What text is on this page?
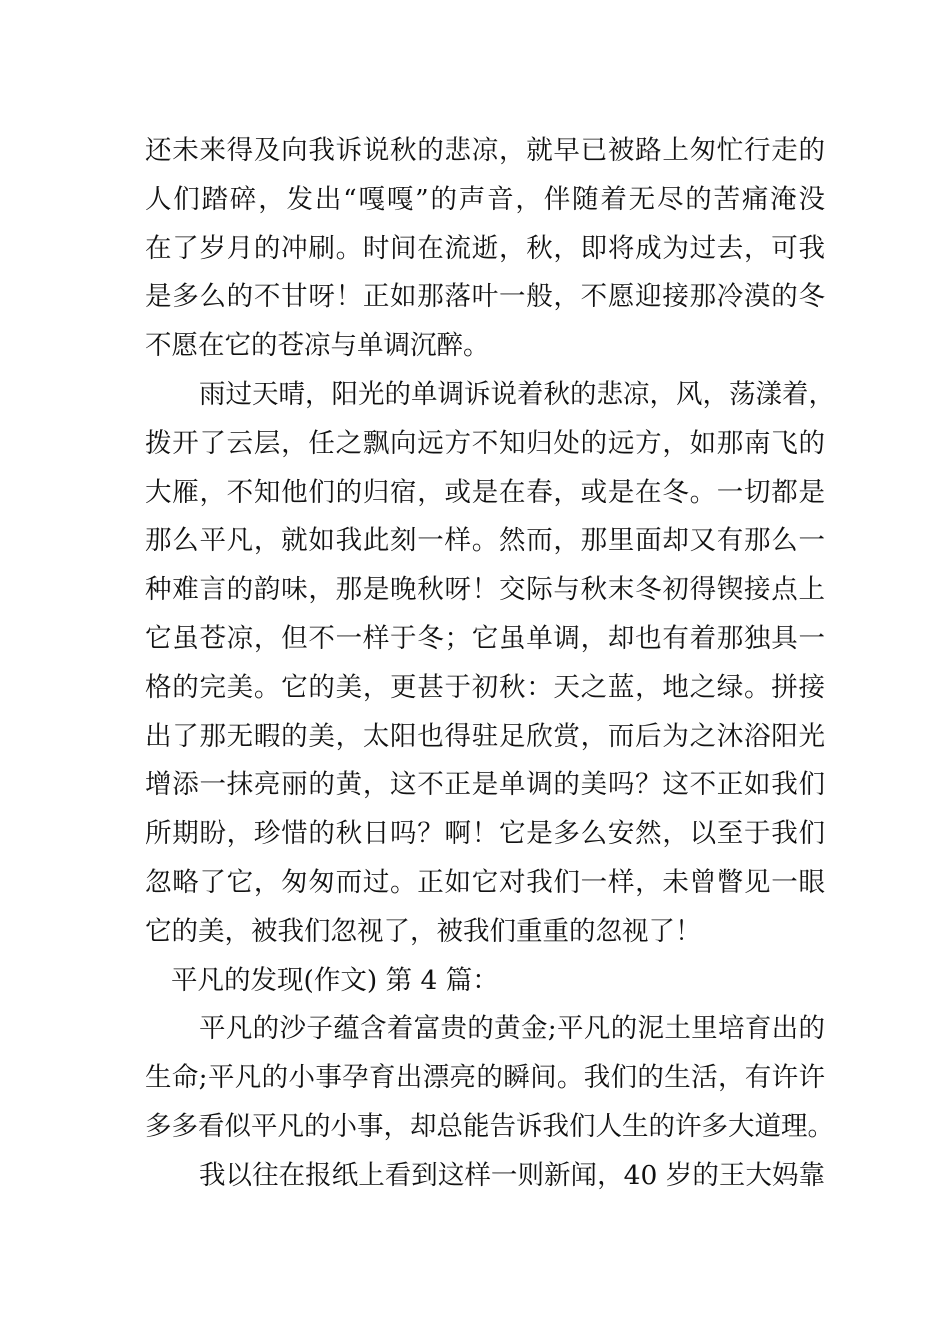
还未来得及向我诉说秋的悲凉，就早已被路上匆忙行走的
人们踏碎，发出“嘎嘎”的声音，伴随着无尽的苦痛淹没
在了岁月的冲刷。时间在流逝，秋，即将成为过去，可我
是多么的不甘呀！正如那落叶一般，不愿迎接那冷漠的冬
不愿在它的苍凉与单调沉醉。
雨过天晴，阳光的单调诉说着秋的悲凉，风，荡漾着，
拨开了云层，任之飘向远方不知归处的远方，如那南飞的
大雁，不知他们的归宿，或是在春，或是在冬。一切都是
那么平凡，就如我此刻一样。然而，那里面却又有那么一
种难言的韵味，那是晚秋呀！交际与秋末冬初得锲接点上
它虽苍凉，但不一样于冬；它虽单调，却也有着那独具一
格的完美。它的美，更甚于初秋：天之蓝，地之绿。拼接
出了那无暇的美，太阳也得驻足欣赏，而后为之沐浴阳光
增添一抹亮丽的黄，这不正是单调的美吗？这不正如我们
所期盼，珍惜的秋日吗？啊！它是多么安然，以至于我们
忽略了它，匆匆而过。正如它对我们一样，未曾瞥见一眼
它的美，被我们忽视了，被我们重重的忽视了！
平凡的发现(作文) 第 4 篇：
平凡的沙子蕴含着富贵的黄金;平凡的泥土里培育出的
生命;平凡的小事孕育出漂亮的瞬间。我们的生活，有许许
多多看似平凡的小事，却总能告诉我们人生的许多大道理。
我以往在报纸上看到这样一则新闻，40 岁的王大妈靠
